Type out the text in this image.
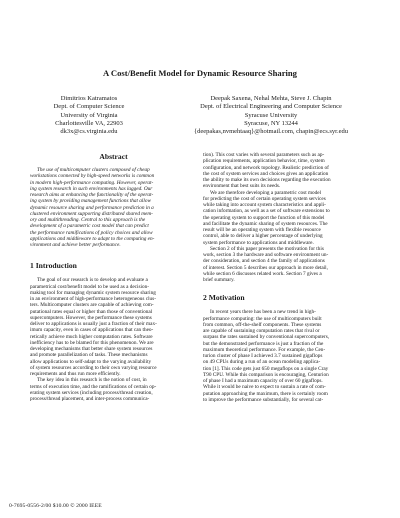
A Cost/Benefit Model for Dynamic Resource Sharing
Dimitrios Katramatos
Dept. of Computer Science
University of Virginia
Charlottesville VA, 22903
dk3x@cs.virginia.edu
Deepak Saxena, Nehal Mehta, Steve J. Chapin
Dept. of Electrical Engineering and Computer Science
Syracuse University
Syracuse, NY 13244
{deepakas,nvmehtaaq}@hotmail.com, chapin@ecs.syr.edu
Abstract

The use of multicomputer clusters composed of cheap
workstations connected by high-speed networks is common
in modern high-performance computing. However, operat-
ing system research in such environments has lagged. Our
research aims at enhancing the functionality of the operat-
ing system by providing management functions that allow
dynamic resource sharing and performance prediction in a
clustered environment supporting distributed shared mem-
ory and multithreading. Central to this approach is the
development of a parametric cost model that can predict
the performance ramifications of policy choices and allow
applications and middleware to adapt to the computing en-
vironment and achieve better performance.

1 Introduction

The goal of our research is to develop and evaluate a
parametrical cost/benefit model to be used as a decision-
making tool for managing dynamic system resource sharing
in an environment of high-performance heterogeneous clus-
ters. Multicomputer clusters are capable of achieving com-
putational rates equal or higher than those of conventional
supercomputers. However, the performance these systems
deliver to applications is usually just a fraction of their max-
imum capacity, even in cases of applications that can theo-
retically achieve much higher computation rates. Software
inefficiency has to be blamed for this phenomenon. We are
developing mechanisms that better share system resources
and promote parallelization of tasks. These mechanisms
allow applications to self-adapt to the varying availability
of system resources according to their own varying resource
requirements and thus run more efficiently.

The key idea in this research is the notion of cost, in
terms of execution time, and the ramifications of certain op-
erating system services (including process/thread creation,
process/thread placement, and inter-process communica-

tion). This cost varies with several parameters such as ap-
plication requirements, application behavior, time, system
configuration, and network topology. Realistic prediction of
the cost of system services and choices gives an application
the ability to make its own decisions regarding the execution
environment that best suits its needs.

We are therefore developing a parametric cost model
for predicting the cost of certain operating system services
while taking into account system characteristics and appli-
cation information, as well as a set of software extensions to
the operating system to support the function of this model
and facilitate the dynamic sharing of system resources. The
result will be an operating system with flexible resource
control, able to deliver a higher percentage of underlying
system performance to applications and middleware.

Section 2 of this paper presents the motivation for this
work, section 3 the hardware and software environment un-
der consideration, and section 4 the family of applications
of interest. Section 5 describes our approach in more detail,
while section 6 discusses related work. Section 7 gives a
brief summary.

2 Motivation

In recent years there has been a new trend in high-
performance computing: the use of multicomputers built
from common, off-the-shelf components. These systems
are capable of sustaining computation rates that rival or
surpass the rates sustained by conventional supercomputers,
but the demonstrated performance is just a fraction of the
maximum theoretical performance. For example, the Cen-
turion cluster of phase I achieved 3.7 sustained gigaflops
on 49 CPUs during a run of an ocean modeling applica-
tion [1]. This code gets just 650 megaflops on a single Cray
T90 CPU. While this comparison is encouraging, Centurion
of phase I had a maximum capacity of over 60 gigaflops.
While it would be naive to expect to sustain a rate of com-
putation approaching the maximum, there is certainly room
to improve the performance substantially, for several cat-

0-7695-0556-2/00 $10.00 © 2000 IEEE
